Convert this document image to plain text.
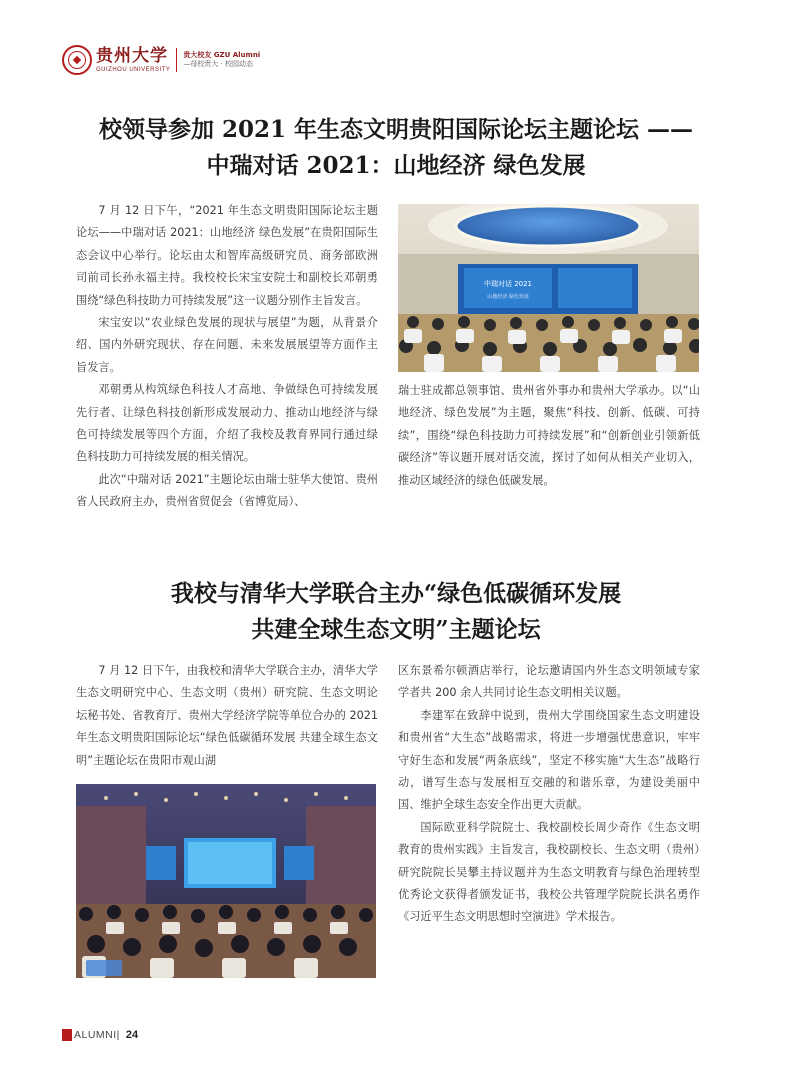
贵州大学
GUIZHOU UNIVERSITY
贵大校友 GZU Alumni
—母校贵大 · 校园动态
校领导参加 2021 年生态文明贵阳国际论坛主题论坛 ——
中瑞对话 2021：山地经济 绿色发展

7 月 12 日下午，“2021 年生态文明贵阳国际论坛主题论坛——中瑞对话 2021：山地经济 绿色发展”在贵阳国际生态会议中心举行。论坛由太和智库高级研究员、商务部欧洲司前司长孙永福主持。我校校长宋宝安院士和副校长邓朝勇围绕“绿色科技助力可持续发展”这一议题分别作主旨发言。

宋宝安以“农业绿色发展的现状与展望”为题，从背景介绍、国内外研究现状、存在问题、未来发展展望等方面作主旨发言。

邓朝勇从构筑绿色科技人才高地、争做绿色可持续发展先行者、让绿色科技创新形成发展动力、推动山地经济与绿色可持续发展等四个方面，介绍了我校及教育界同行通过绿色科技助力可持续发展的相关情况。

此次“中瑞对话 2021”主题论坛由瑞士驻华大使馆、贵州省人民政府主办，贵州省贸促会（省博览局）、

中瑞对话 2021
山地经济 绿色发展

瑞士驻成都总领事馆、贵州省外事办和贵州大学承办。以“山地经济、绿色发展”为主题，聚焦“科技、创新、低碳、可持续”，围绕“绿色科技助力可持续发展”和“创新创业引领新低碳经济”等议题开展对话交流，探讨了如何从相关产业切入，推动区域经济的绿色低碳发展。

我校与清华大学联合主办“绿色低碳循环发展
共建全球生态文明”主题论坛

7 月 12 日下午，由我校和清华大学联合主办，清华大学生态文明研究中心、生态文明（贵州）研究院、生态文明论坛秘书处、省教育厅、贵州大学经济学院等单位合办的 2021 年生态文明贵阳国际论坛“绿色低碳循环发展 共建全球生态文明”主题论坛在贵阳市观山湖

区东景希尔顿酒店举行，论坛邀请国内外生态文明领域专家学者共 200 余人共同讨论生态文明相关议题。

李建军在致辞中说到，贵州大学围绕国家生态文明建设和贵州省“大生态”战略需求，将进一步增强忧患意识，牢牢守好生态和发展“两条底线”，坚定不移实施“大生态”战略行动，谱写生态与发展相互交融的和谐乐章，为建设美丽中国、维护全球生态安全作出更大贡献。

国际欧亚科学院院士、我校副校长周少奇作《生态文明教育的贵州实践》主旨发言，我校副校长、生态文明（贵州）研究院院长吴攀主持议题并为生态文明教育与绿色治理转型优秀论文获得者颁发证书，我校公共管理学院院长洪名勇作《习近平生态文明思想时空演进》学术报告。

ALUMNI| 24
